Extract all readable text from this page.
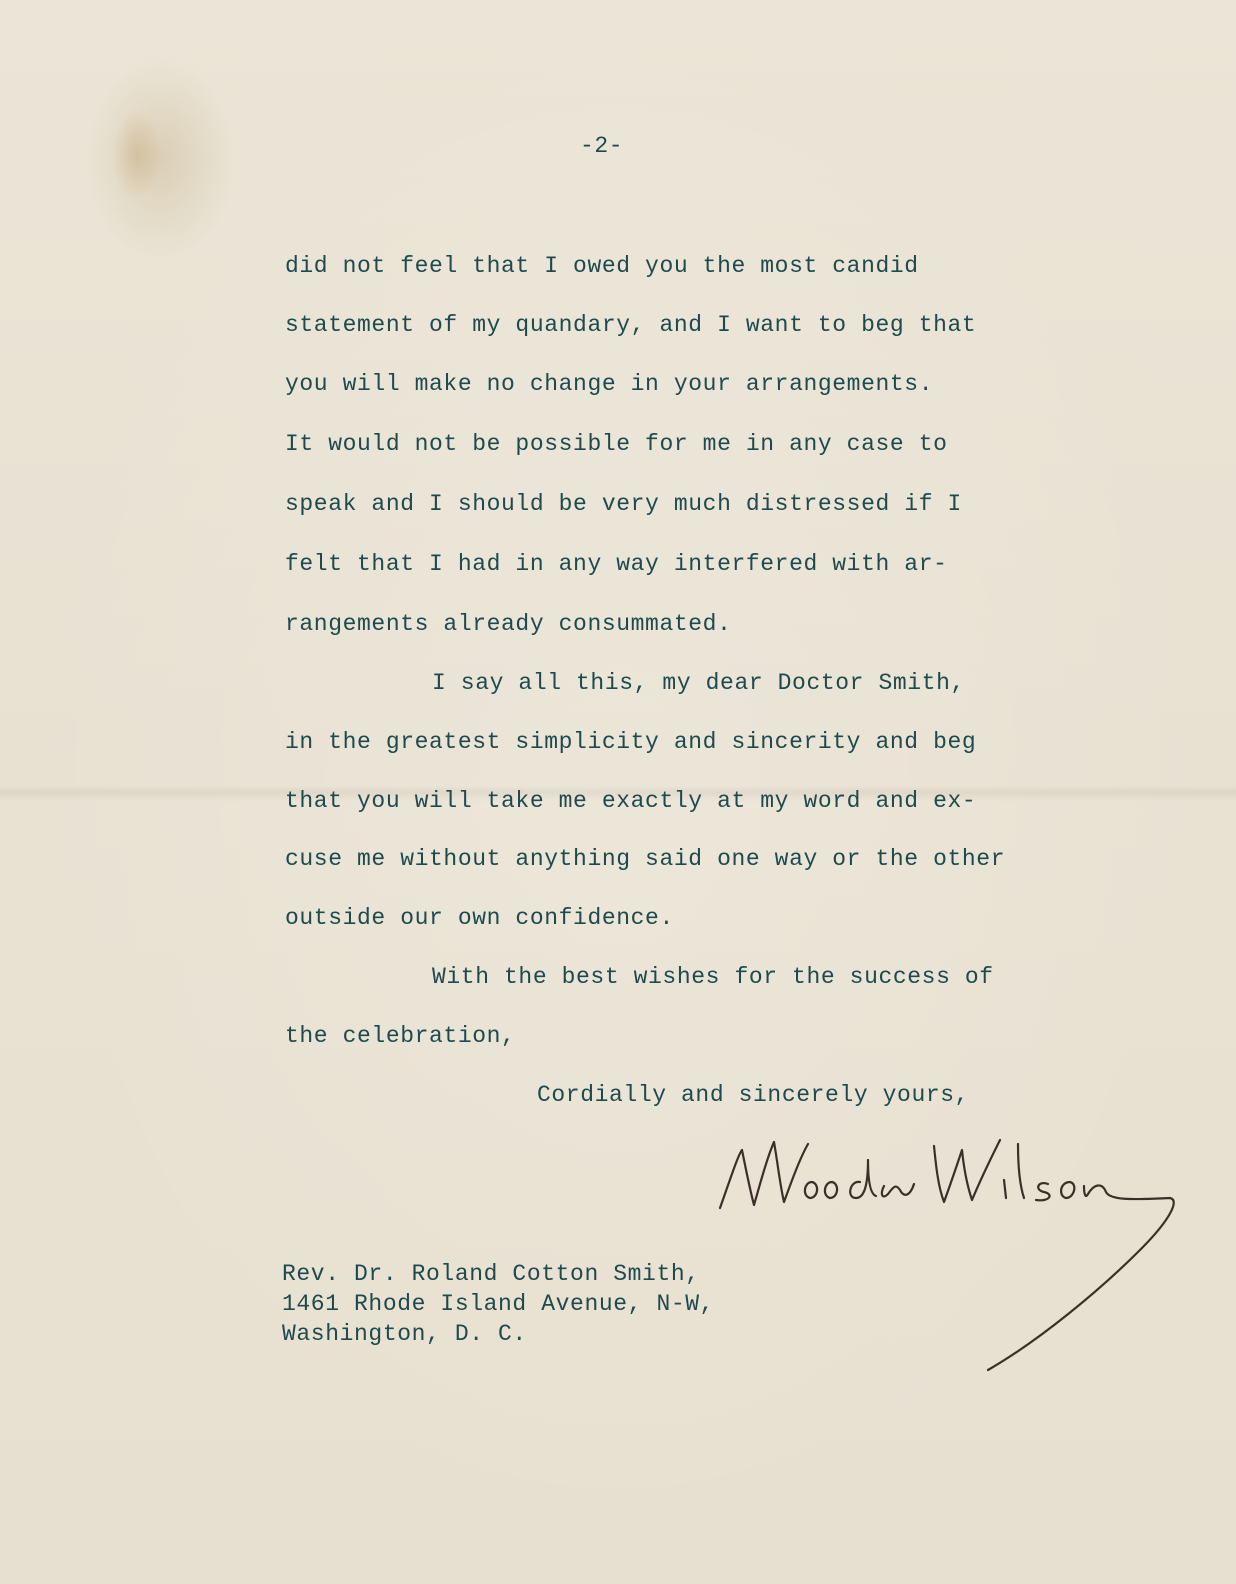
-2-
did not feel that I owed you the most candid
statement of my quandary, and I want to beg that
you will make no change in your arrangements.
It would not be possible for me in any case to
speak and I should be very much distressed if I
felt that I had in any way interfered with ar-
rangements already consummated.
I say all this, my dear Doctor Smith,
in the greatest simplicity and sincerity and beg
that you will take me exactly at my word and ex-
cuse me without anything said one way or the other
outside our own confidence.
With the best wishes for the success of
the celebration,
Cordially and sincerely yours,
Rev. Dr. Roland Cotton Smith,
1461 Rhode Island Avenue, N-W,
Washington, D. C.
